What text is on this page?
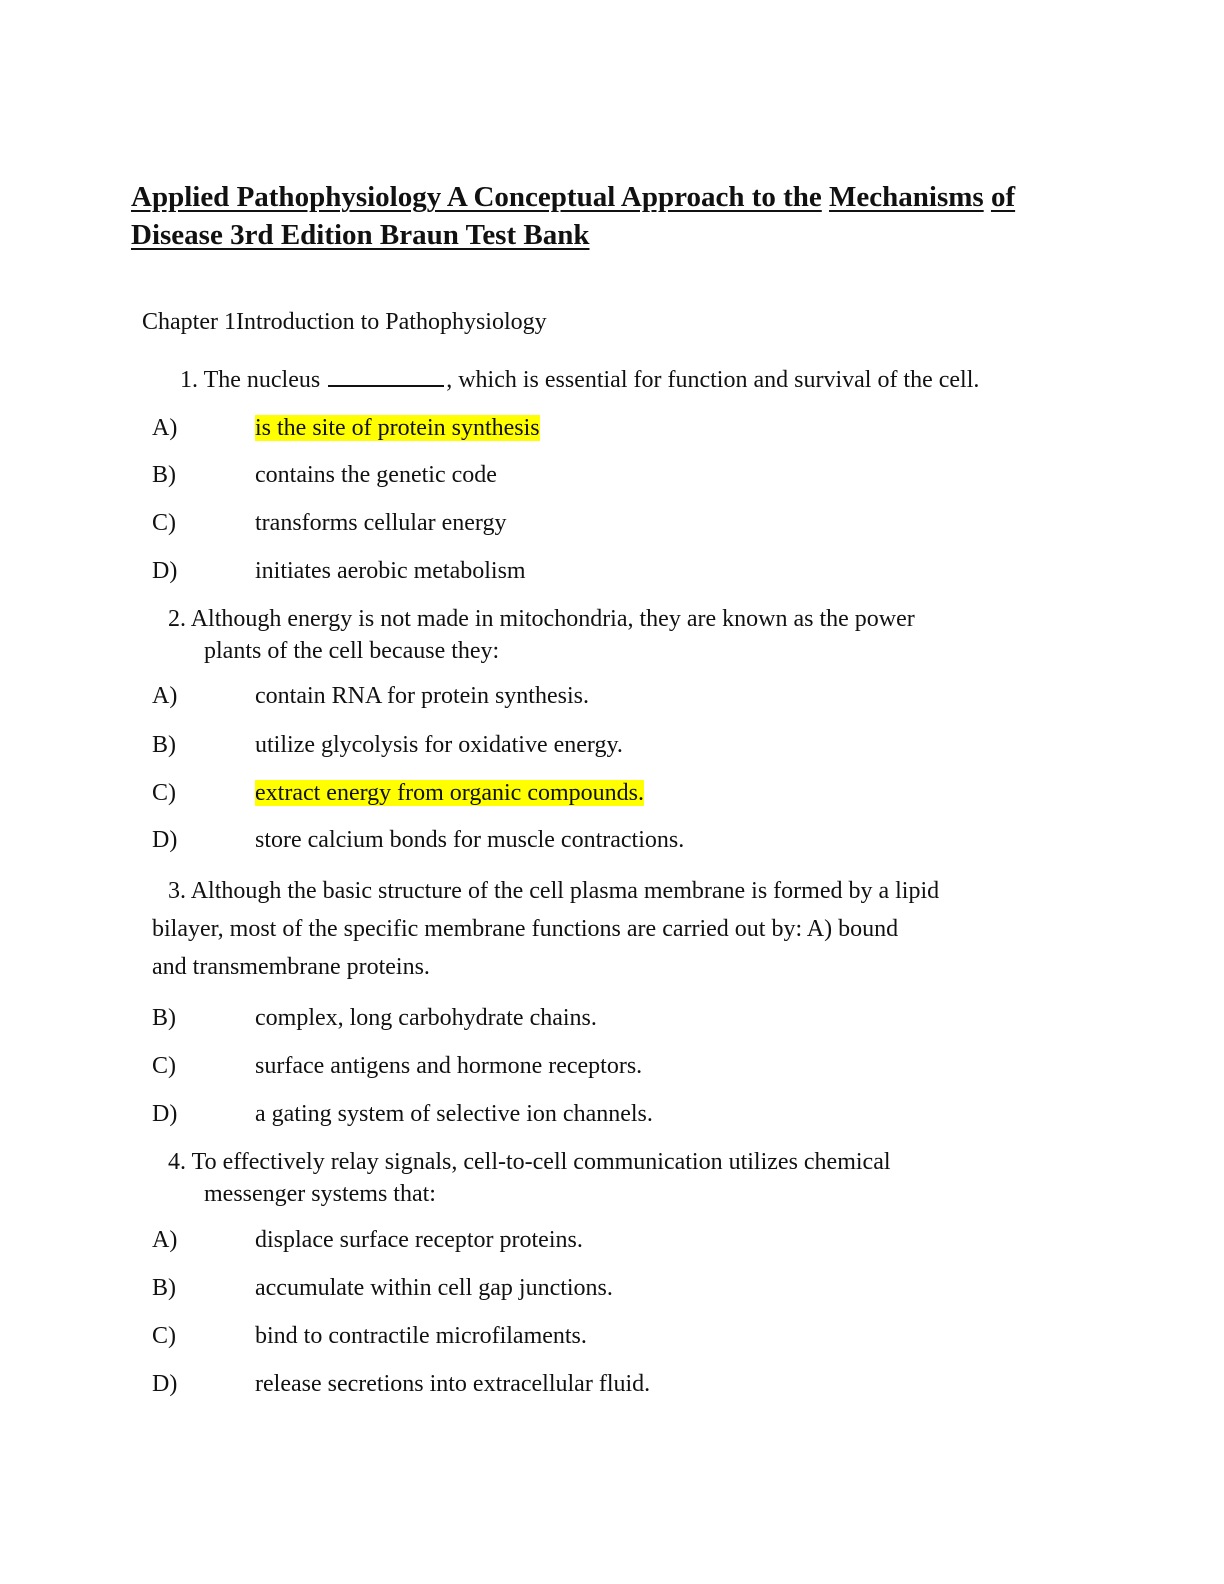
Applied Pathophysiology A Conceptual Approach to the Mechanisms of Disease 3rd Edition Braun Test Bank
Chapter 1Introduction to Pathophysiology
1. The nucleus	, which is essential for function and survival of the cell.
A)	is the site of protein synthesis
B)	contains the genetic code
C)	transforms cellular energy
D)	initiates aerobic metabolism
2. Although energy is not made in mitochondria, they are known as the power
plants of the cell because they:
A)	contain RNA for protein synthesis.
B)	utilize glycolysis for oxidative energy.
C)	extract energy from organic compounds.
D)	store calcium bonds for muscle contractions.
3. Although the basic structure of the cell plasma membrane is formed by a lipid
bilayer, most of the specific membrane functions are carried out by: A) bound
and transmembrane proteins.
B)	complex, long carbohydrate chains.
C)	surface antigens and hormone receptors.
D)	a gating system of selective ion channels.
4. To effectively relay signals, cell-to-cell communication utilizes chemical
messenger systems that:
A)	displace surface receptor proteins.
B)	accumulate within cell gap junctions.
C)	bind to contractile microfilaments.
D)	release secretions into extracellular fluid.
